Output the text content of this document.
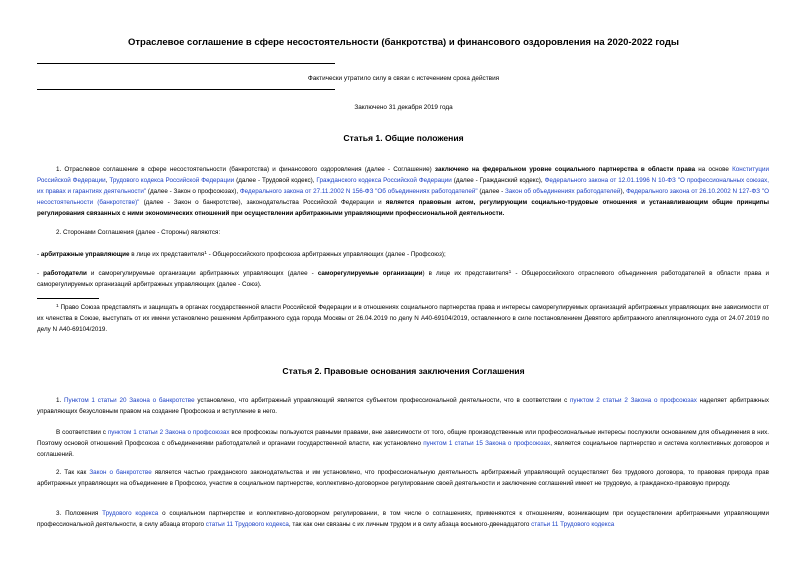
Отраслевое соглашение в сфере несостоятельности (банкротства) и финансового оздоровления на 2020-2022 годы
Фактически утратило силу в связи с истечением срока действия
Заключено 31 декабря 2019 года
Статья 1. Общие положения

1. Отраслевое соглашение в сфере несостоятельности (банкротства) и финансового оздоровления (далее - Соглашение) заключено на федеральном уровне социального партнерства в области права на основе Конституции Российской Федерации, Трудового кодекса Российской Федерации (далее - Трудовой кодекс), Гражданского кодекса Российской Федерации (далее - Гражданский кодекс), Федерального закона от 12.01.1996 N 10-ФЗ "О профессиональных союзах, их правах и гарантиях деятельности" (далее - Закон о профсоюзах), Федерального закона от 27.11.2002 N 156-ФЗ "Об объединениях работодателей" (далее - Закон об объединениях работодателей), Федерального закона от 26.10.2002 N 127-ФЗ "О несостоятельности (банкротстве)" (далее - Закон о банкротстве), законодательства Российской Федерации и является правовым актом, регулирующим социально-трудовые отношения и устанавливающим общие принципы регулирования связанных с ними экономических отношений при осуществлении арбитражными управляющими профессиональной деятельности.

2. Сторонами Соглашения (далее - Стороны) являются:

- арбитражные управляющие в лице их представителя$^1$ - Общероссийского профсоюза арбитражных управляющих (далее - Профсоюз);

- работодатели и саморегулируемые организации арбитражных управляющих (далее - саморегулируемые организации) в лице их представителя$^1$ - Общероссийского отраслевого объединения работодателей в области права и саморегулируемых организаций арбитражных управляющих (далее - Союз).

$^1$ Право Союза представлять и защищать в органах государственной власти Российской Федерации и в отношениях социального партнерства права и интересы саморегулируемых организаций арбитражных управляющих вне зависимости от их членства в Союзе, выступать от их имени установлено решением Арбитражного суда города Москвы от 26.04.2019 по делу N А40-69104/2019, оставленного в силе постановлением Девятого арбитражного апелляционного суда от 24.07.2019 по делу N А40-69104/2019.

Статья 2. Правовые основания заключения Соглашения

1. Пунктом 1 статьи 20 Закона о банкротстве установлено, что арбитражный управляющий является субъектом профессиональной деятельности, что в соответствии с пунктом 2 статьи 2 Закона о профсоюзах наделяет арбитражных управляющих безусловным правом на создание Профсоюза и вступление в него.

В соответствии с пунктом 1 статьи 2 Закона о профсоюзах все профсоюзы пользуются равными правами, вне зависимости от того, общие производственные или профессиональные интересы послужили основанием для объединения в них. Поэтому основой отношений Профсоюза с объединениями работодателей и органами государственной власти, как установлено пунктом 1 статьи 15 Закона о профсоюзах, является социальное партнерство и система коллективных договоров и соглашений.

2. Так как Закон о банкротстве является частью гражданского законодательства и им установлено, что профессиональную деятельность арбитражный управляющий осуществляет без трудового договора, то правовая природа прав арбитражных управляющих на объединение в Профсоюз, участие в социальном партнерстве, коллективно-договорное регулирование своей деятельности и заключение соглашений имеет не трудовую, а гражданско-правовую природу.

3. Положения Трудового кодекса о социальном партнерстве и коллективно-договорном регулировании, в том числе о соглашениях, применяются к отношениям, возникающим при осуществлении арбитражными управляющими профессиональной деятельности, в силу абзаца второго статьи 11 Трудового кодекса, так как они связаны с их личным трудом и в силу абзаца восьмого-двенадцатого статьи 11 Трудового кодекса
